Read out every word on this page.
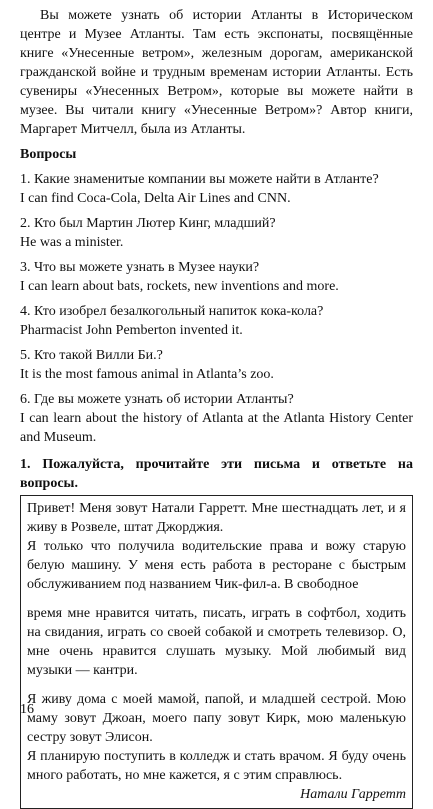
Вы можете узнать об истории Атланты в Историческом центре и Музее Атланты. Там есть экспонаты, посвящённые книге «Унесенные ветром», железным дорогам, американской гражданской войне и трудным временам истории Атланты. Есть сувениры «Унесенных Ветром», которые вы можете найти в музее. Вы читали книгу «Унесенные Ветром»? Автор книги, Маргарет Митчелл, была из Атланты.

Вопросы

1. Какие знаменитые компании вы можете найти в Атланте?
I can find Coca-Cola, Delta Air Lines and CNN.
2. Кто был Мартин Лютер Кинг, младший?
He was a minister.
3. Что вы можете узнать в Музее науки?
I can learn about bats, rockets, new inventions and more.
4. Кто изобрел безалкогольный напиток кока-кола?
Pharmacist John Pemberton invented it.
5. Кто такой Вилли Би.?
It is the most famous animal in Atlanta’s zoo.
6. Где вы можете узнать об истории Атланты?

I can learn about the history of Atlanta at the Atlanta History Center and Museum.

1. Пожалуйста, прочитайте эти письма и ответьте на вопросы.

Привет! Меня зовут Натали Гарретт. Мне шестнадцать лет, и я живу в Розвеле, штат Джорджия.

Я только что получила водительские права и вожу старую белую машину. У меня есть работа в ресторане с быстрым обслуживанием под названием Чик-фил-а. В свободное

время мне нравится читать, писать, играть в софтбол, ходить на свидания, играть со своей собакой и смотреть телевизор. О, мне очень нравится слушать музыку. Мой любимый вид музыки — кантри.

Я живу дома с моей мамой, папой, и младшей сестрой. Мою маму зовут Джоан, моего папу зовут Кирк, мою маленькую сестру зовут Элисон.

Я планирую поступить в колледж и стать врачом. Я буду очень много работать, но мне кажется, я с этим справлюсь.

Натали Гарретт

16
